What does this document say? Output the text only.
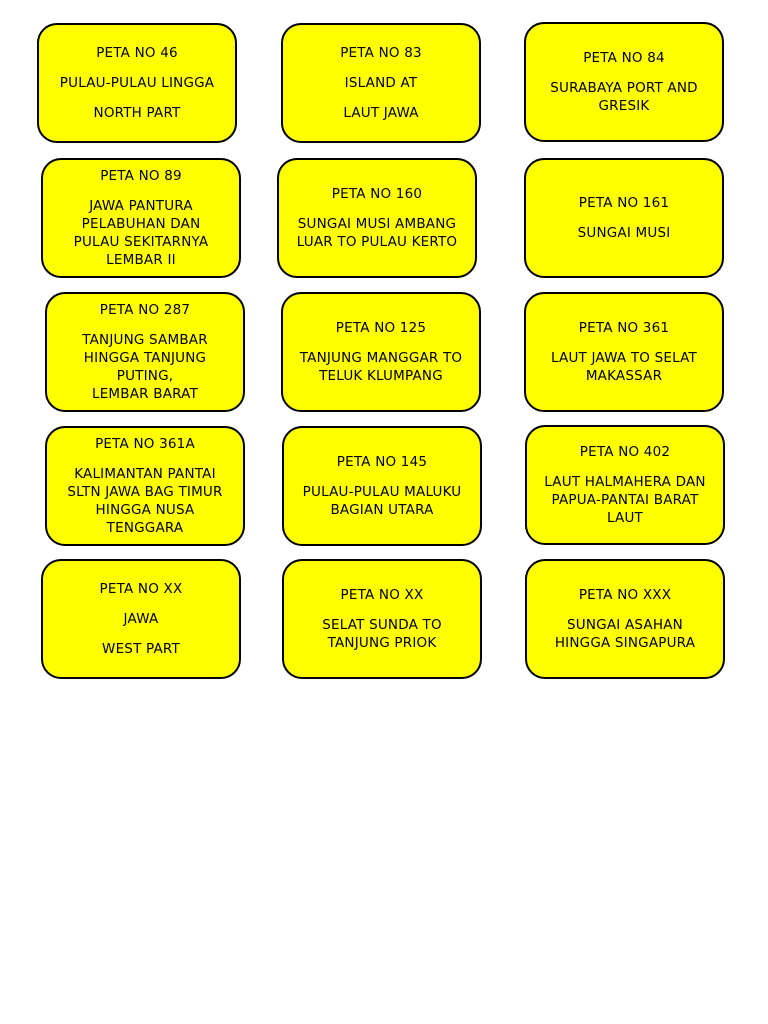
PETA NO 46
PULAU-PULAU LINGGA
NORTH PART
PETA NO 83
ISLAND AT
LAUT JAWA
PETA NO 84
SURABAYA PORT AND
GRESIK
PETA NO 89
JAWA PANTURA
PELABUHAN DAN
PULAU SEKITARNYA
LEMBAR II
PETA NO 160
SUNGAI MUSI AMBANG
LUAR TO PULAU KERTO
PETA NO 161
SUNGAI MUSI
PETA NO 287
TANJUNG SAMBAR
HINGGA TANJUNG
PUTING,
LEMBAR BARAT
PETA NO 125
TANJUNG MANGGAR TO
TELUK KLUMPANG
PETA NO 361
LAUT JAWA TO SELAT
MAKASSAR
PETA NO 361A
KALIMANTAN PANTAI
SLTN JAWA BAG TIMUR
HINGGA NUSA
TENGGARA
PETA NO 145
PULAU-PULAU MALUKU
BAGIAN UTARA
PETA NO 402
LAUT HALMAHERA DAN
PAPUA-PANTAI BARAT
LAUT
PETA NO XX
JAWA
WEST PART
PETA NO XX
SELAT SUNDA TO
TANJUNG PRIOK
PETA NO XXX
SUNGAI ASAHAN
HINGGA SINGAPURA
